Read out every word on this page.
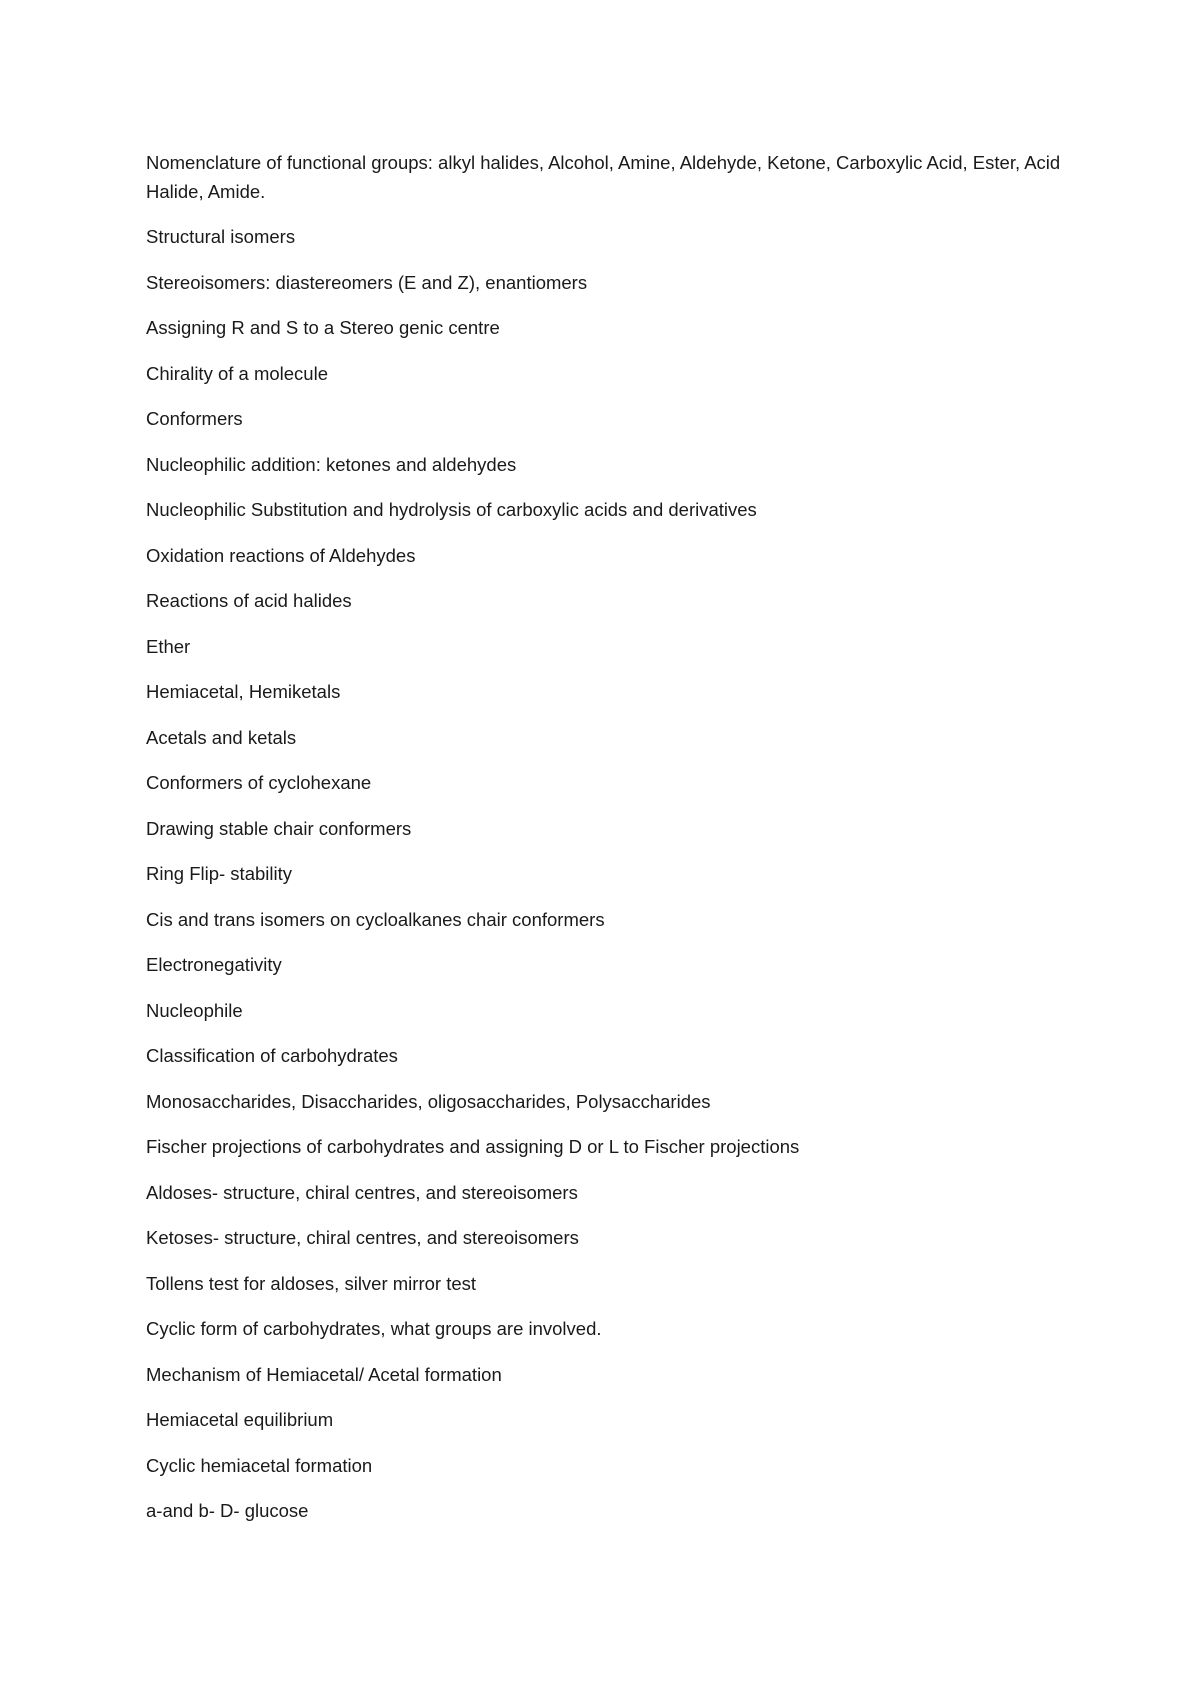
Nomenclature of functional groups: alkyl halides, Alcohol, Amine, Aldehyde, Ketone, Carboxylic Acid, Ester, Acid Halide, Amide.

Structural isomers

Stereoisomers: diastereomers (E and Z), enantiomers

Assigning R and S to a Stereo genic centre

Chirality of a molecule

Conformers

Nucleophilic addition: ketones and aldehydes

Nucleophilic Substitution and hydrolysis of carboxylic acids and derivatives

Oxidation reactions of Aldehydes

Reactions of acid halides

Ether

Hemiacetal, Hemiketals

Acetals and ketals

Conformers of cyclohexane

Drawing stable chair conformers

Ring Flip- stability

Cis and trans isomers on cycloalkanes chair conformers

Electronegativity

Nucleophile

Classification of carbohydrates

Monosaccharides, Disaccharides, oligosaccharides, Polysaccharides

Fischer projections of carbohydrates and assigning D or L to Fischer projections

Aldoses- structure, chiral centres, and stereoisomers

Ketoses- structure, chiral centres, and stereoisomers

Tollens test for aldoses, silver mirror test

Cyclic form of carbohydrates, what groups are involved.

Mechanism of Hemiacetal/ Acetal formation

Hemiacetal equilibrium

Cyclic hemiacetal formation

a-and b- D- glucose
